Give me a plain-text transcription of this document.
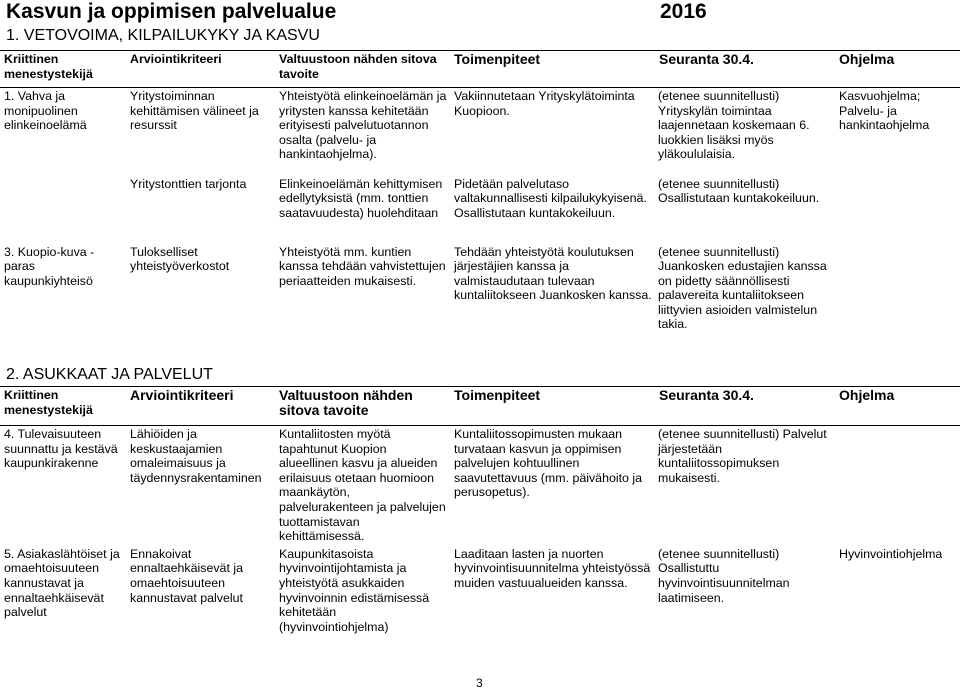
Kasvun ja oppimisen palvelualue	2016
1. VETOVOIMA, KILPAILUKYKY JA KASVU
Kriittinen menestystekijä	Arviointikriteeri	Valtuustoon nähden sitova tavoite	Toimenpiteet	Seuranta 30.4.	Ohjelma
1. Vahva ja monipuolinen elinkeinoelämä	Yritystoiminnan kehittämisen välineet ja resurssit	Yhteistyötä elinkeinoelämän ja yritysten kanssa kehitetään erityisesti palvelutuotannon osalta (palvelu- ja hankintaohjelma).	Vakiinnutetaan Yrityskylätoiminta Kuopioon.	(etenee suunnitellusti) Yrityskylän toimintaa laajennetaan koskemaan 6. luokkien lisäksi myös yläkoululaisia.	Kasvuohjelma; Palvelu- ja hankintaohjelma
	Yritystonttien tarjonta	Elinkeinoelämän kehittymisen edellytyksistä (mm. tonttien saatavuudesta) huolehditaan	Pidetään palvelutaso valtakunnallisesti kilpailukykyisenä. Osallistutaan kuntakokeiluun.	(etenee suunnitellusti) Osallistutaan kuntakokeiluun.	
3. Kuopio-kuva - paras kaupunkiyhteisö	Tulokselliset yhteistyöverkostot	Yhteistyötä mm. kuntien kanssa tehdään vahvistettujen periaatteiden mukaisesti.	Tehdään yhteistyötä koulutuksen järjestäjien kanssa ja valmistaudutaan tulevaan kuntaliitokseen Juankosken kanssa.	(etenee suunnitellusti) Juankosken edustajien kanssa on pidetty säännöllisesti palavereita kuntaliitokseen liittyvien asioiden valmistelun takia.	
2. ASUKKAAT JA PALVELUT
Kriittinen menestystekijä	Arviointikriteeri	Valtuustoon nähden sitova tavoite	Toimenpiteet	Seuranta 30.4.	Ohjelma
4. Tulevaisuuteen suunnattu ja kestävä kaupunkirakenne	Lähiöiden ja keskustaajamien omaleimaisuus ja täydennysrakentaminen	Kuntaliitosten myötä tapahtunut Kuopion alueellinen kasvu ja alueiden erilaisuus otetaan huomioon maankäytön, palvelurakenteen ja palvelujen tuottamistavan kehittämisessä.	Kuntaliitossopimusten mukaan turvataan kasvun ja oppimisen palvelujen kohtuullinen saavutettavuus (mm. päivähoito ja perusopetus).	(etenee suunnitellusti) Palvelut järjestetään kuntaliitossopimuksen mukaisesti.	
5. Asiakaslähtöiset ja omaehtoisuuteen kannustavat ja ennaltaehkäisevät palvelut	Ennakoivat ennaltaehkäisevät ja omaehtoisuuteen kannustavat palvelut	Kaupunkitasoista hyvinvointijohtamista ja yhteistyötä asukkaiden hyvinvoinnin edistämisessä kehitetään (hyvinvointiohjelma)	Laaditaan lasten ja nuorten hyvinvointisuunnitelma yhteistyössä muiden vastuualueiden kanssa.	(etenee suunnitellusti) Osallistuttu hyvinvointisuunnitelman laatimiseen.	Hyvinvointiohjelma
3
